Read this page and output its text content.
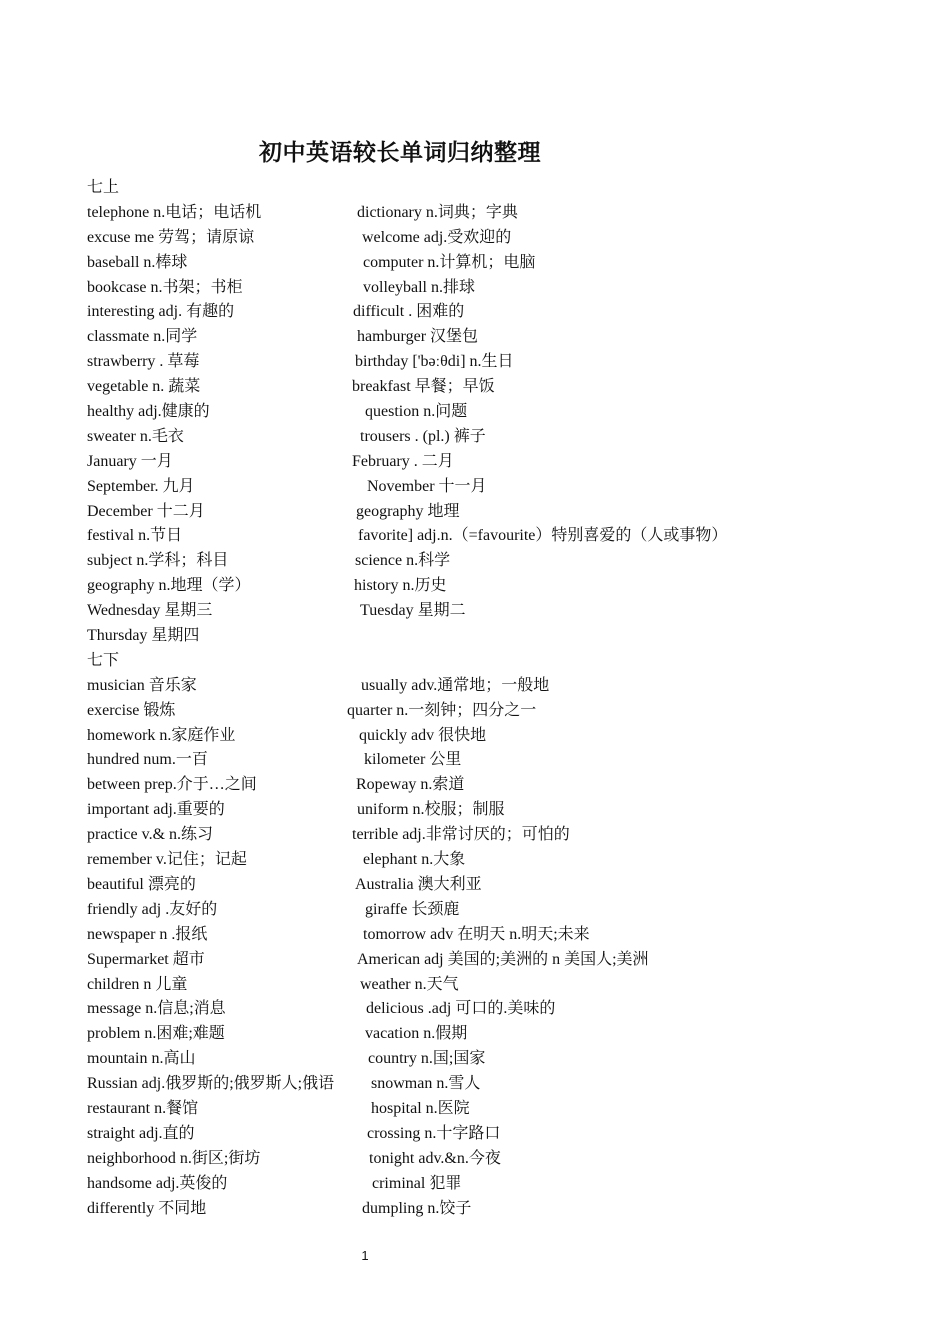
初中英语较长单词归纳整理
七上
telephone n.电话；电话机	dictionary n.词典；字典
excuse me 劳驾；请原谅	welcome adj.受欢迎的
baseball n.棒球	computer n.计算机；电脑
bookcase n.书架；书柜	volleyball n.排球
interesting adj. 有趣的	difficult . 困难的
classmate n.同学	hamburger 汉堡包
strawberry . 草莓	birthday ['bəːθdi] n.生日
vegetable n. 蔬菜	breakfast 早餐；早饭
healthy adj.健康的	question n.问题
sweater n.毛衣	trousers . (pl.) 裤子
January 一月	February . 二月
September. 九月	November 十一月
December 十二月	geography 地理
festival n.节日	favorite] adj.n.（=favourite）特别喜爱的（人或事物）
subject n.学科；科目	science n.科学
geography n.地理（学）	history n.历史
Wednesday 星期三	Tuesday 星期二
Thursday 星期四
七下
musician 音乐家	usually adv.通常地；一般地
exercise 锻炼	quarter n.一刻钟；四分之一
homework n.家庭作业	quickly adv 很快地
hundred num.一百	kilometer 公里
between prep.介于…之间	Ropeway n.索道
important adj.重要的	uniform n.校服；制服
practice v.& n.练习	terrible adj.非常讨厌的；可怕的
remember v.记住；记起	elephant n.大象
beautiful 漂亮的	Australia 澳大利亚
friendly adj .友好的	giraffe 长颈鹿
newspaper n .报纸	tomorrow adv 在明天 n.明天;未来
Supermarket 超市	American adj 美国的;美洲的 n 美国人;美洲
children n 儿童	weather n.天气
message n.信息;消息	delicious .adj 可口的.美味的
problem n.困难;难题	vacation n.假期
mountain n.高山	country n.国;国家
Russian adj.俄罗斯的;俄罗斯人;俄语 snowman n.雪人
restaurant n.餐馆	hospital n.医院
straight adj.直的	crossing n.十字路口
neighborhood n.街区;街坊	tonight adv.&n.今夜
handsome adj.英俊的	criminal 犯罪
differently 不同地	dumpling n.饺子
1
